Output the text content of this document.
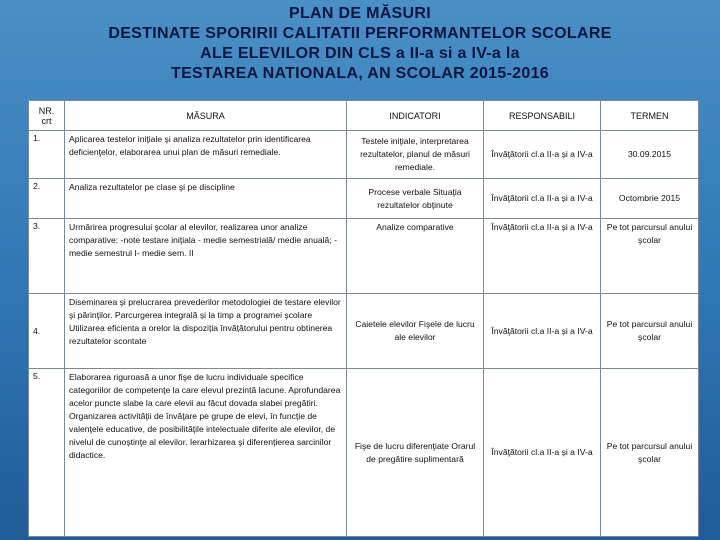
PLAN DE MĂSURI
DESTINATE SPORIRII CALITATII PERFORMANTELOR SCOLARE
ALE ELEVILOR DIN CLS a II-a si a IV-a la
TESTAREA NATIONALA, AN SCOLAR 2015-2016
NR. crt	MĂSURA	INDICATORI	RESPONSABILI	TERMEN
1.	Aplicarea testelor iniţiale şi analiza rezultatelor prin identificarea deficienţelor, elaborarea unui plan de măsuri remediale.	Testele iniţiale, interpretarea rezultatelor, planul de măsuri remediale.	Învăţătorii cl.a II-a și a IV-a	30.09.2015
2.	Analiza rezultatelor pe clase şi pe discipline	Procese verbale Situaţia rezultatelor obținute	Învăţătorii cl.a II-a și a IV-a	Octombrie 2015
3.	Urmărirea progresului şcolar al elevilor, realizarea unor analize comparative: -note testare iniţiala - medie semestrială/ medie anuală; -medie semestrul I- medie sem. II	Analize comparative	Învăţătorii cl.a II-a și a IV-a	Pe tot parcursul anului şcolar
4.	Diseminarea şi prelucrarea prevederilor metodologiei de testare elevilor şi părinţilor. Parcurgerea integrală și la timp a programei şcolare Utilizarea eficienta a orelor la dispoziția învățătorului pentru obtinerea rezultatelor scontate	Caietele elevilor Fişele de lucru ale elevilor	Învăţătorii cl.a II-a și a IV-a	Pe tot parcursul anului şcolar
5.	Elaborarea riguroasă a unor fişe de lucru individuale specifice categoriilor de competenţe la care elevul prezintă lacune. Aprofundarea acelor puncte slabe la care elevii au făcut dovada slabei pregătiri. Organizarea activităţii de învăţare pe grupe de elevi, în funcţie de valenţele educative, de posibilităţile intelectuale diferite ale elevilor, de nivelul de cunoştinţe al elevilor. Ierarhizarea şi diferenţierea sarcinilor didactice.	Fişe de lucru diferenţiate Orarul de pregătire suplimentară	Învăţătorii cl.a II-a și a IV-a	Pe tot parcursul anului şcolar
